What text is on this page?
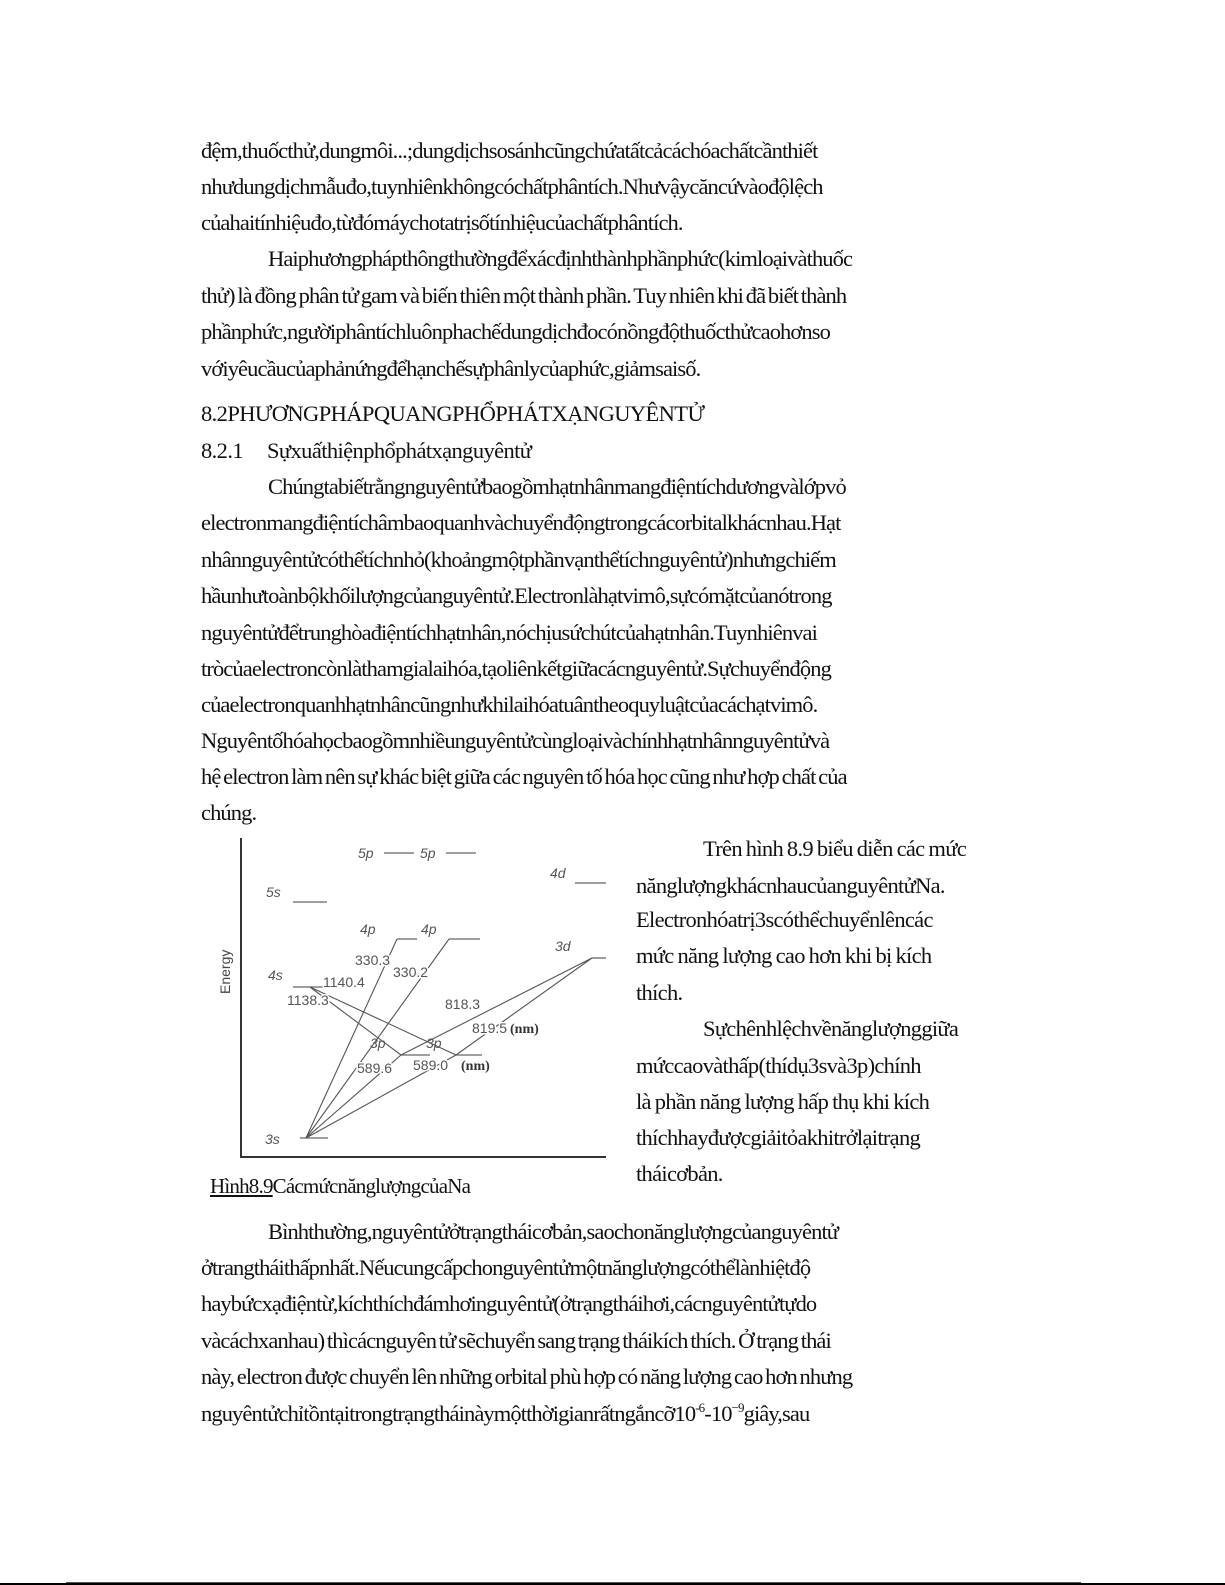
đệm,thuốcthử,dungmôi...;dungdịchsosánhcũngchứatấtcảcáchóachấtcầnthiết
nhưdungdịchmẫuđo,tuynhiênkhôngcóchấtphântích.Nhưvậycăncứvàođộlệch
củahaitínhiệuđo,từđómáychotatrịsốtínhiệucủachấtphântích.
Haiphươngphápthôngthườngđểxácđịnhthànhphầnphức(kimloạivàthuốc
thử) là đồng phân tử gam và biến thiên một thành phần. Tuy nhiên khi đã biết thành
phầnphức,ngườiphântíchluônphachếdungdịchđocónồngđộthuốcthửcaohơnso
vớiyêucầucủaphảnứngđểhạnchếsựphânlycủaphức,giảmsaisố.
8.2PHƯƠNGPHÁPQUANGPHỔPHÁTXẠNGUYÊNTỬ
8.2.1 Sựxuấthiệnphổphátxạnguyêntử
Chúngtabiếtrằngnguyêntửbaogồmhạtnhânmangđiệntíchdươngvàlớpvỏ
electronmangđiệntíchâmbaoquanhvàchuyểnđộngtrongcácorbitalkhácnhau.Hạt
nhânnguyêntửcóthểtíchnhỏ(khoảngmộtphầnvạnthểtíchnguyêntử)nhưngchiếm
hầunhưtoànbộkhốilượngcủanguyêntử.Electronlàhạtvimô,sựcómặtcủanótrong
nguyêntửđểtrunghòađiệntíchhạtnhân,nóchịusứchútcủahạtnhân.Tuynhiênvai
tròcủaelectroncònlàthamgialaihóa,tạoliênkếtgiữacácnguyêntử.Sựchuyểnđộng
củaelectronquanhhạtnhâncũngnhưkhilaihóatuântheoquyluậtcủacáchạtvimô.
Nguyêntốhóahọcbaogồmnhiềunguyêntửcùngloạivàchínhhạtnhânnguyêntửvà
hệ electron làm nên sự khác biệt giữa các nguyên tố hóa học cũng như hợp chất của
chúng.
Energy
5p	5p
5s
4d
4p	4p
3d
4s
3p	3p
3s
330.3
330.2
1140.4
1138.3	818.3
819.5
589.6 589.0
(nm)
(nm)
Hình8.9CácmứcnănglượngcủaNa
Trên hình 8.9 biểu diễn các mức
nănglượngkhácnhaucủanguyêntửNa.
Electronhóatrị3scóthểchuyểnlêncác
mức năng lượng cao hơn khi bị kích
thích.
Sựchênhlệchvềnănglượnggiữa
mứccaovàthấp(thídụ3svà3p)chính
là phần năng lượng hấp thụ khi kích
thíchhayđượcgiảitỏakhitrởlạitrạng
tháicơbản.
Bìnhthường,nguyêntửởtrạngtháicơbản,saochonănglượngcủanguyêntử
ởtrangtháithấpnhất.Nếucungcấpchonguyêntửmộtnănglượngcóthểlànhiệtđộ
haybứcxạđiệntừ,kíchthíchđámhơinguyêntử(ởtrạngtháihơi,cácnguyêntửtựdo
vàcáchxanhau) thìcácnguyên tử sẽchuyển sang trạng tháikích thích. Ở trạng thái
này, electron được chuyển lên những orbital phù hợp có năng lượng cao hơn nhưng
$nguyêntửchỉtồntạitrongtrạngtháinàymộtthờigianrấtngắncỡ10^{-6}-10^{-9}giây,sau$
